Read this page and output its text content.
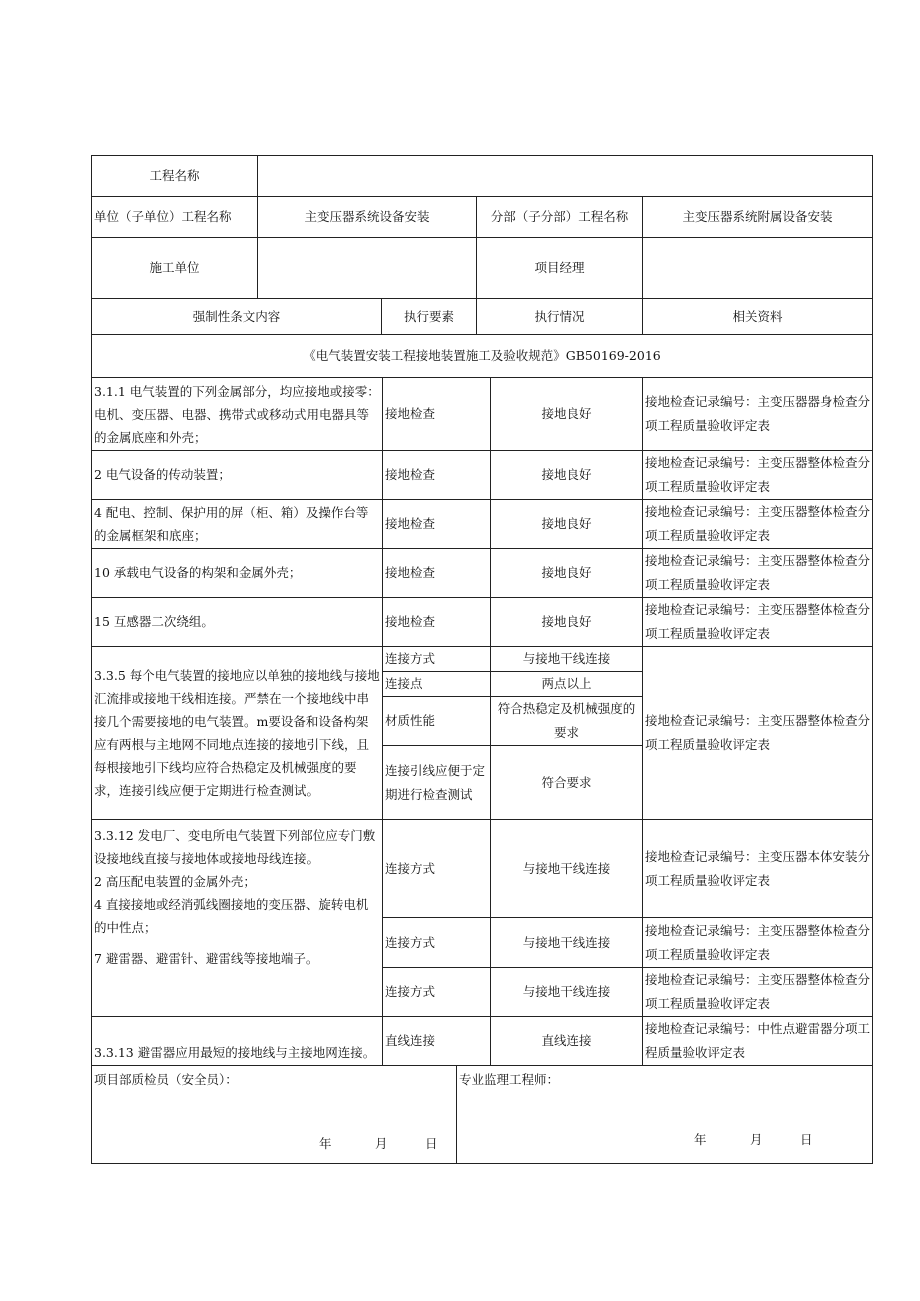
工程名称				
单位（子单位）工程名称	主变压器系统设备安装		分部（子分部）工程名称	主变压器系统附属设备安装
施工单位			项目经理	
强制性条文内容		执行要素	执行情况	相关资料
《电气装置安装工程接地装置施工及验收规范》GB50169-2016				
3.1.1 电气装置的下列金属部分，均应接地或接零：电机、变压器、电器、携带式或移动式用电器具等的金属底座和外壳；	接地检查	接地良好	接地检查记录编号：主变压器器身检查分项工程质量验收评定表
2 电气设备的传动装置；	接地检查	接地良好	接地检查记录编号：主变压器整体检查分项工程质量验收评定表
4 配电、控制、保护用的屏（柜、箱）及操作台等的金属框架和底座；	接地检查	接地良好	接地检查记录编号：主变压器整体检查分项工程质量验收评定表
10 承载电气设备的构架和金属外壳；	接地检查	接地良好	接地检查记录编号：主变压器整体检查分项工程质量验收评定表
15 互感器二次绕组。	接地检查	接地良好	接地检查记录编号：主变压器整体检查分项工程质量验收评定表
3.3.5 每个电气装置的接地应以单独的接地线与接地汇流排或接地干线相连接。严禁在一个接地线中串接几个需要接地的电气装置。m要设备和设备构架应有两根与主地网不同地点连接的接地引下线，且每根接地引下线均应符合热稳定及机械强度的要求，连接引线应便于定期进行检查测试。	连接方式	与接地干线连接	接地检查记录编号：主变压器整体检查分项工程质量验收评定表
	连接点	两点以上	
	材质性能	符合热稳定及机械强度的要求	
	连接引线应便于定期进行检查测试	符合要求	

3.3.12 发电厂、变电所电气装置下列部位应专门敷设接地线直接与接地体或接地母线连接。
2 高压配电装置的金属外壳；
4 直接接地或经消弧线圈接地的变压器、旋转电机的中性点；
7 避雷器、避雷针、避雷线等接地端子。	连接方式	与接地干线连接	接地检查记录编号：主变压器本体安装分项工程质量验收评定表
	连接方式	与接地干线连接	接地检查记录编号：主变压器整体检查分项工程质量验收评定表
	连接方式	与接地干线连接	接地检查记录编号：主变压器整体检查分项工程质量验收评定表
3.3.13 避雷器应用最短的接地线与主接地网连接。	直线连接	直线连接	接地检查记录编号：中性点避雷器分项工程质量验收评定表
项目部质检员（安全员）：
年	月	日

专业监理工程师：
年	月	日
